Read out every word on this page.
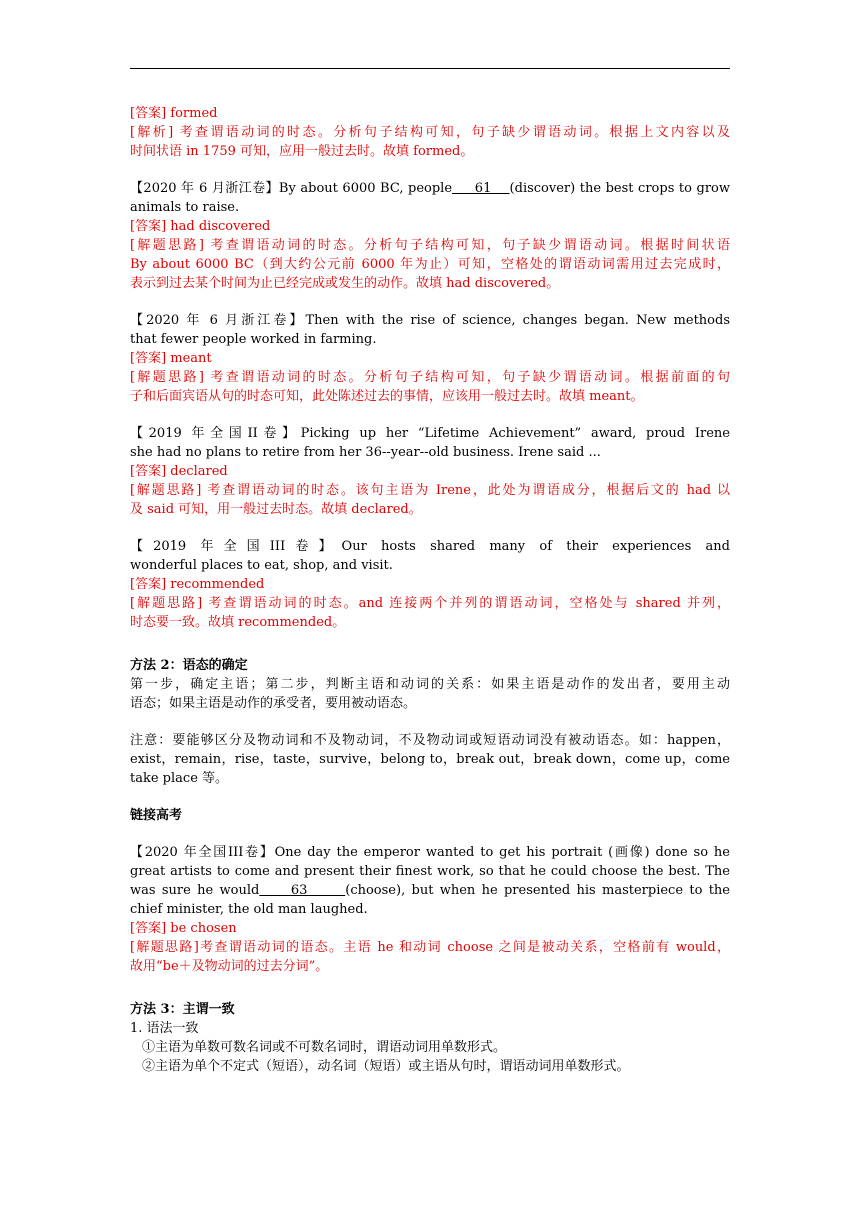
[答案] formed
[解析] 考查谓语动词的时态。分析句子结构可知，句子缺少谓语动词。根据上文内容以及
时间状语 in 1759 可知，应用一般过去时。故填 formed。
【2020 年 6 月浙江卷】By about 6000 BC, people     61    (discover) the best crops to grow
animals to raise.
[答案] had discovered
[解题思路] 考查谓语动词的时态。分析句子结构可知，句子缺少谓语动词。根据时间状语
By about 6000 BC（到大约公元前 6000 年为止）可知，空格处的谓语动词需用过去完成时，
表示到过去某个时间为止已经完成或发生的动作。故填 had discovered。
【2020 年 6 月浙江卷】Then with the rise of science, changes began. New methods
that fewer people worked in farming.
[答案] meant
[解题思路] 考查谓语动词的时态。分析句子结构可知，句子缺少谓语动词。根据前面的句
子和后面宾语从句的时态可知，此处陈述过去的事情，应该用一般过去时。故填 meant。
【2019 年全国II卷】Picking up her “Lifetime Achievement” award, proud Irene
she had no plans to retire from her 36--year--old business. Irene said ...
[答案] declared
[解题思路] 考查谓语动词的时态。该句主语为 Irene，此处为谓语成分，根据后文的 had 以
及 said 可知，用一般过去时态。故填 declared。
【2019 年全国III卷】Our hosts shared many of their experiences and
wonderful places to eat, shop, and visit.
[答案] recommended
[解题思路] 考查谓语动词的时态。and 连接两个并列的谓语动词，空格处与 shared 并列，
时态要一致。故填 recommended。
方法 2：语态的确定
第一步，确定主语；第二步，判断主语和动词的关系：如果主语是动作的发出者，要用主动
语态；如果主语是动作的承受者，要用被动语态。
注意：要能够区分及物动词和不及物动词，不及物动词或短语动词没有被动语态。如：happen，
exist，remain，rise，taste，survive，belong to，break out，break down，come up，come
take place 等。
链接高考
【2020 年全国III卷】One day the emperor wanted to get his portrait (画像) done so he
great artists to come and present their finest work, so that he could choose the best. The
was sure he would     63      (choose), but when he presented his masterpiece to the
chief minister, the old man laughed.
[答案] be chosen
[解题思路]考查谓语动词的语态。主语 he 和动词 choose 之间是被动关系，空格前有 would，
故用“be＋及物动词的过去分词”。
方法 3：主谓一致
1. 语法一致
①主语为单数可数名词或不可数名词时，谓语动词用单数形式。
②主语为单个不定式（短语），动名词（短语）或主语从句时，谓语动词用单数形式。
